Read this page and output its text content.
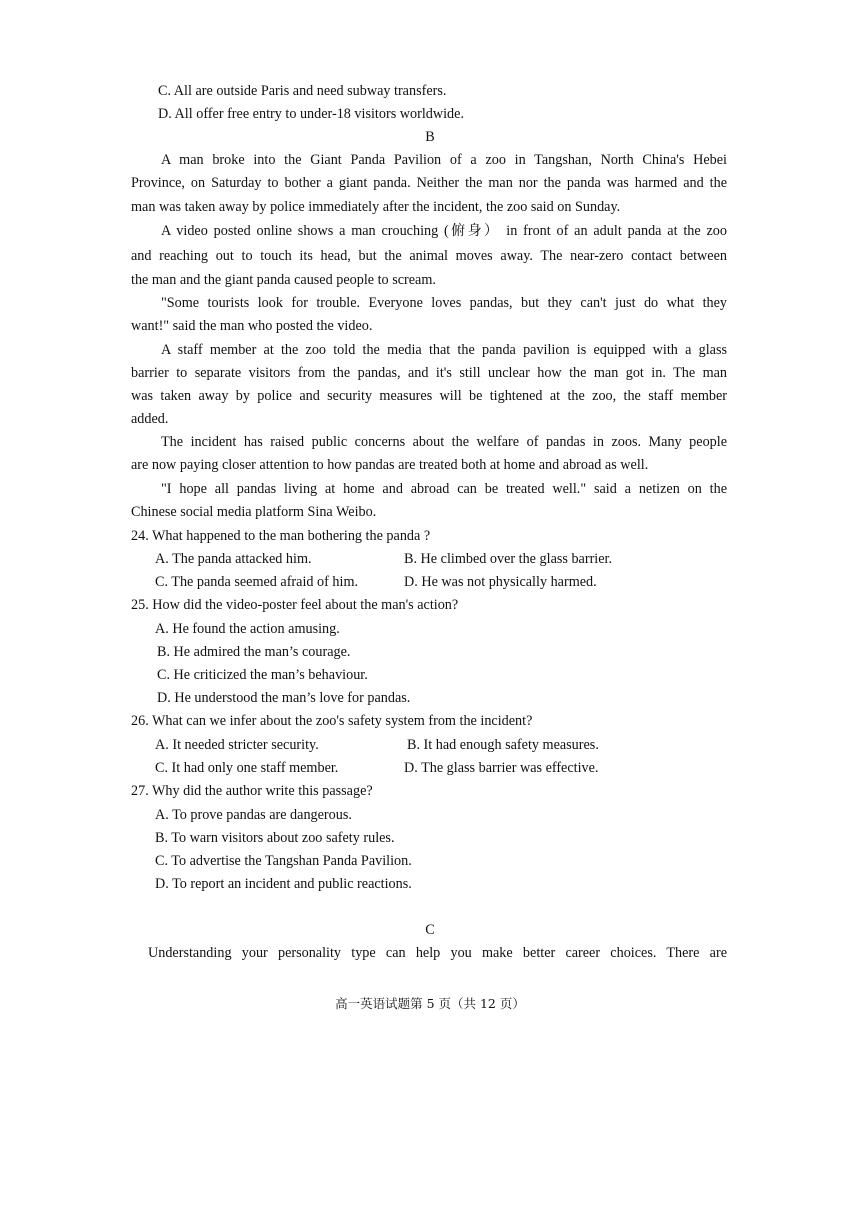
C. All are outside Paris and need subway transfers.
D. All offer free entry to under-18 visitors worldwide.
B
A man broke into the Giant Panda Pavilion of a zoo in Tangshan, North China's Hebei
Province, on Saturday to bother a giant panda. Neither the man nor the panda was harmed and the
man was taken away by police immediately after the incident, the zoo said on Sunday.
A video posted online shows a man crouching (俯身） in front of an adult panda at the zoo
and reaching out to touch its head, but the animal moves away. The near-zero contact between
the man and the giant panda caused people to scream.
"Some tourists look for trouble. Everyone loves pandas, but they can't just do what they
want!" said the man who posted the video.
A staff member at the zoo told the media that the panda pavilion is equipped with a glass
barrier to separate visitors from the pandas, and it's still unclear how the man got in. The man
was taken away by police and security measures will be tightened at the zoo, the staff member
added.
The incident has raised public concerns about the welfare of pandas in zoos. Many people
are now paying closer attention to how pandas are treated both at home and abroad as well.
"I hope all pandas living at home and abroad can be treated well." said a netizen on the
Chinese social media platform Sina Weibo.
24. What happened to the man bothering the panda ?
A. The panda attacked him.	B. He climbed over the glass barrier.
C. The panda seemed afraid of him.	D. He was not physically harmed.
25. How did the video-poster feel about the man's action?
A. He found the action amusing.
B. He admired the man’s courage.
C. He criticized the man’s behaviour.
D. He understood the man’s love for pandas.
26. What can we infer about the zoo's safety system from the incident?
A. It needed stricter security.	B. It had enough safety measures.
C. It had only one staff member.	D. The glass barrier was effective.
27. Why did the author write this passage?
A. To prove pandas are dangerous.
B. To warn visitors about zoo safety rules.
C. To advertise the Tangshan Panda Pavilion.
D. To report an incident and public reactions.
C
Understanding your personality type can help you make better career choices. There are
高一英语试题第 5 页（共 12 页）
